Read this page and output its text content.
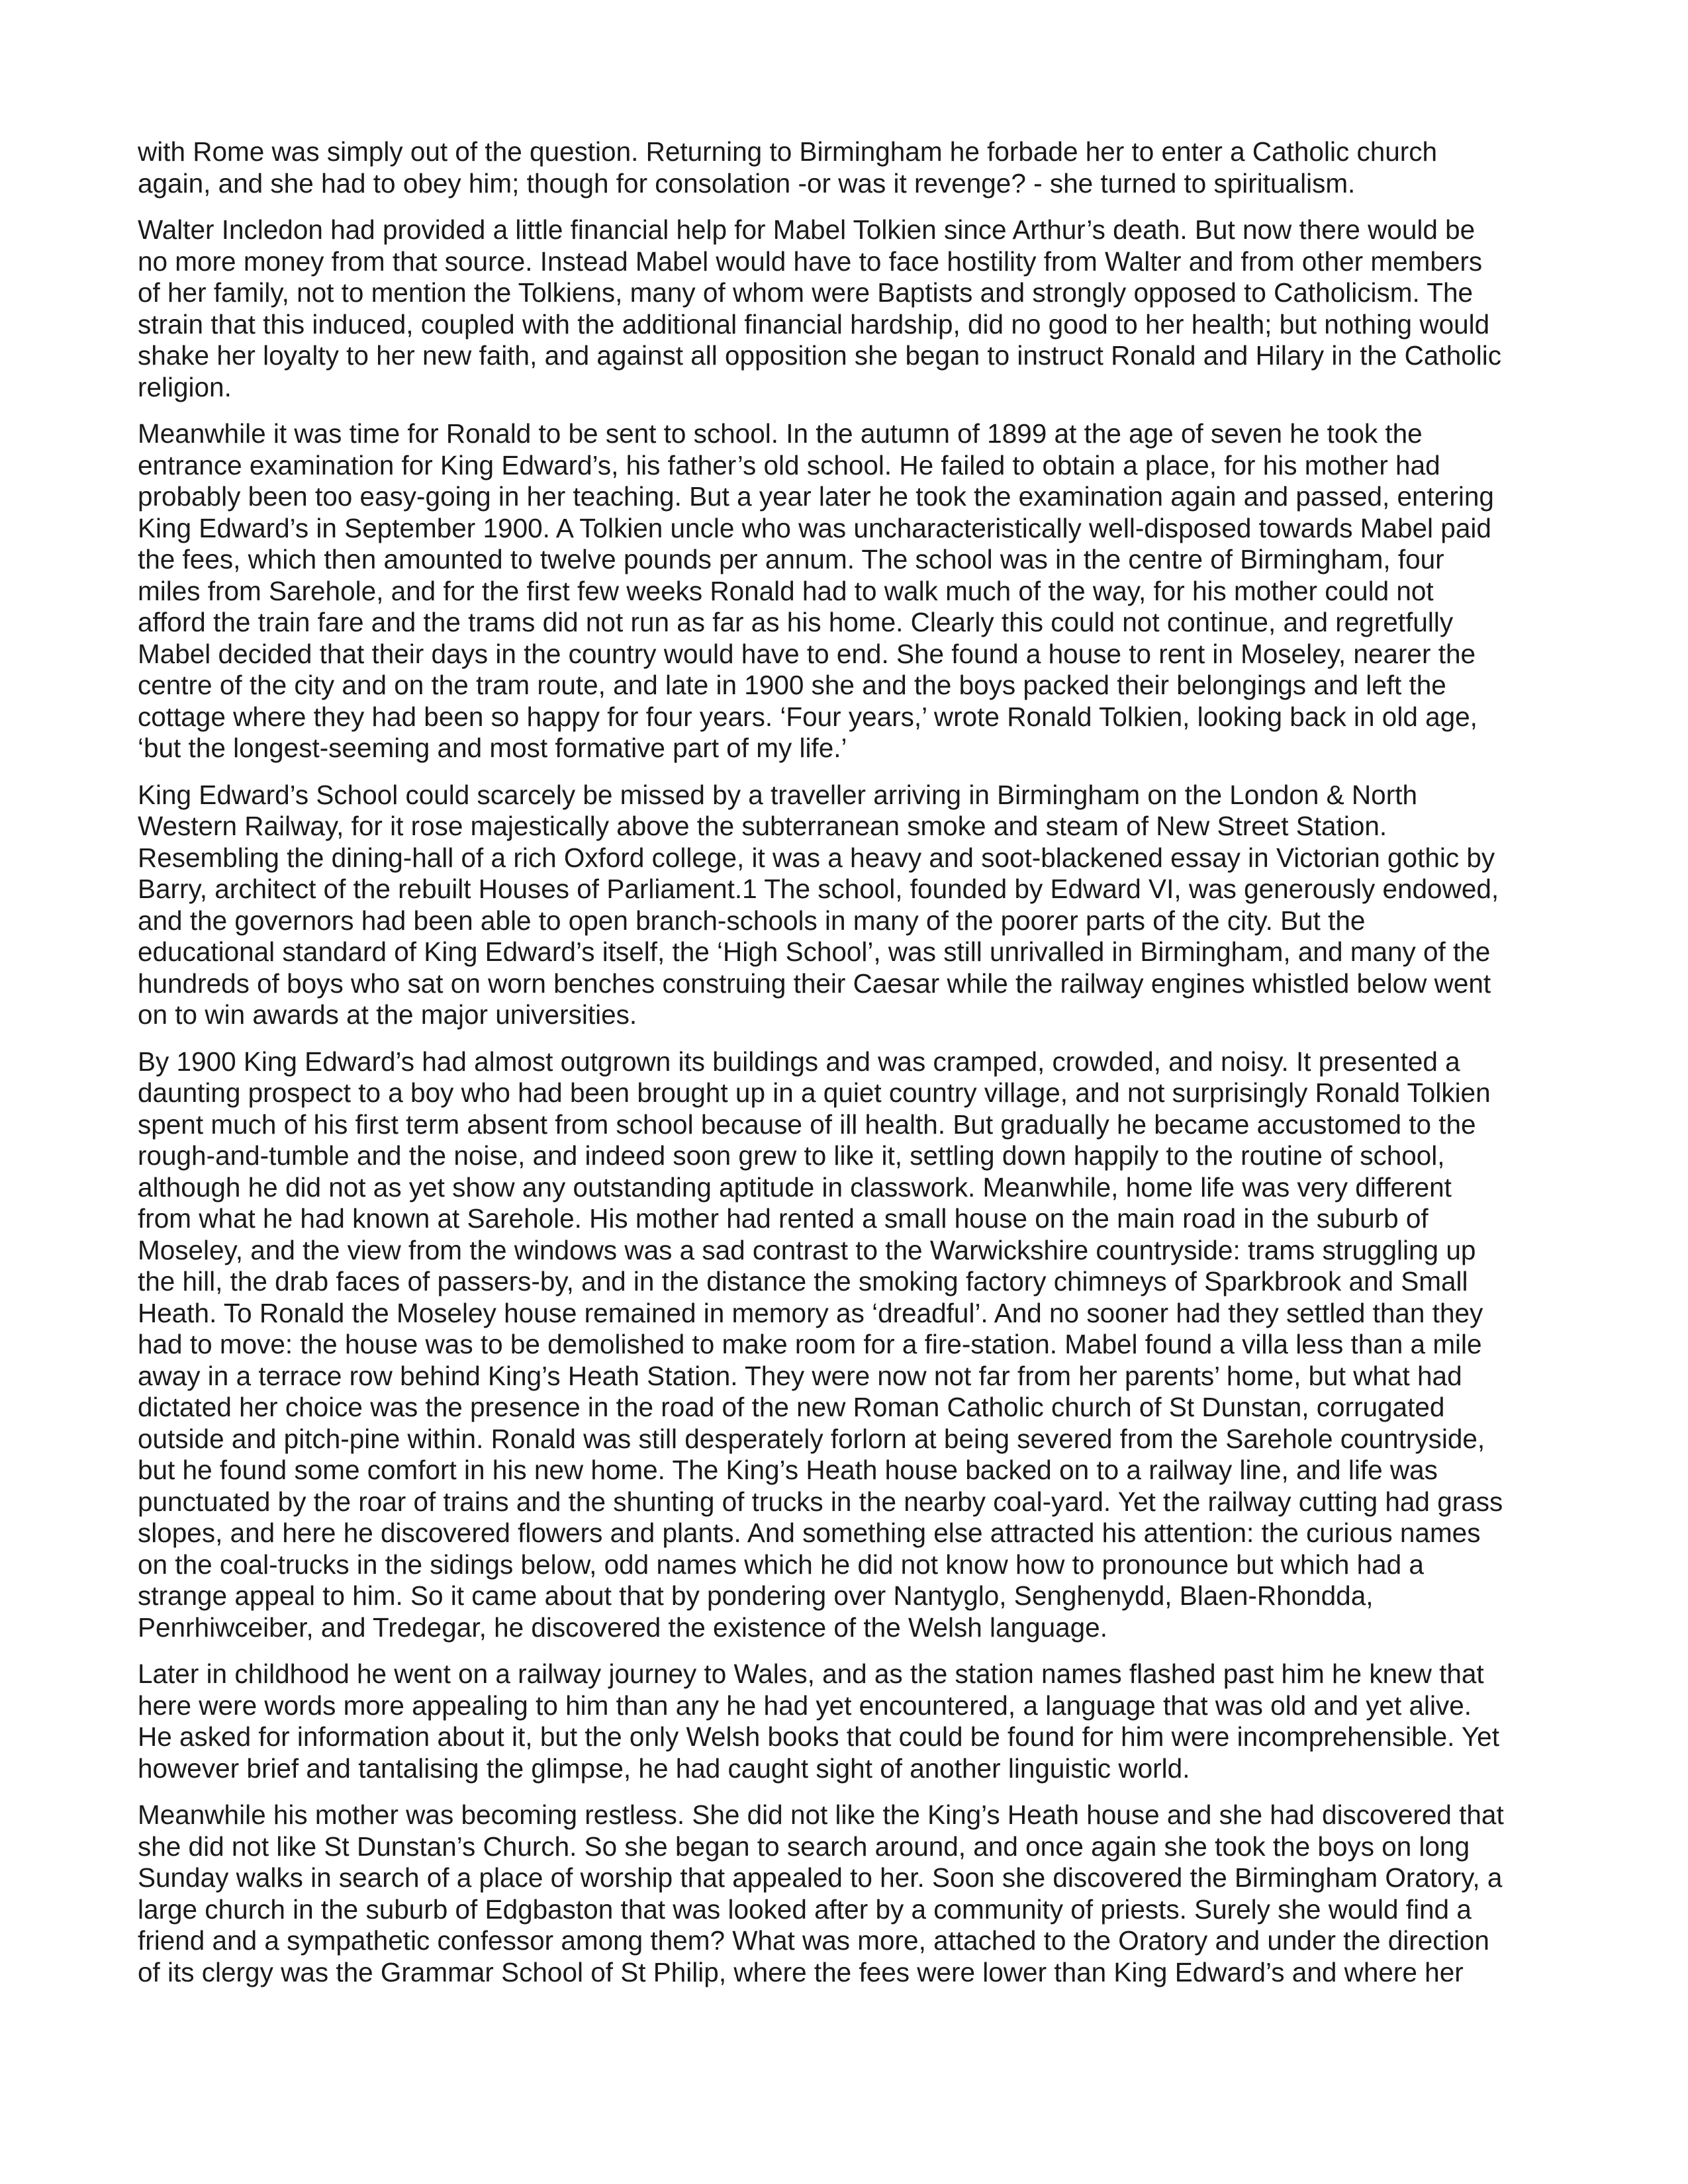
with Rome was simply out of the question. Returning to Birmingham he forbade her to enter a Catholic church
again, and she had to obey him; though for consolation -or was it revenge? - she turned to spiritualism.

Walter Incledon had provided a little financial help for Mabel Tolkien since Arthur’s death. But now there would be
no more money from that source. Instead Mabel would have to face hostility from Walter and from other members
of her family, not to mention the Tolkiens, many of whom were Baptists and strongly opposed to Catholicism. The
strain that this induced, coupled with the additional financial hardship, did no good to her health; but nothing would
shake her loyalty to her new faith, and against all opposition she began to instruct Ronald and Hilary in the Catholic
religion.

Meanwhile it was time for Ronald to be sent to school. In the autumn of 1899 at the age of seven he took the
entrance examination for King Edward’s, his father’s old school. He failed to obtain a place, for his mother had
probably been too easy-going in her teaching. But a year later he took the examination again and passed, entering
King Edward’s in September 1900. A Tolkien uncle who was uncharacteristically well-disposed towards Mabel paid
the fees, which then amounted to twelve pounds per annum. The school was in the centre of Birmingham, four
miles from Sarehole, and for the first few weeks Ronald had to walk much of the way, for his mother could not
afford the train fare and the trams did not run as far as his home. Clearly this could not continue, and regretfully
Mabel decided that their days in the country would have to end. She found a house to rent in Moseley, nearer the
centre of the city and on the tram route, and late in 1900 she and the boys packed their belongings and left the
cottage where they had been so happy for four years. ‘Four years,’ wrote Ronald Tolkien, looking back in old age,
‘but the longest-seeming and most formative part of my life.’

King Edward’s School could scarcely be missed by a traveller arriving in Birmingham on the London & North
Western Railway, for it rose majestically above the subterranean smoke and steam of New Street Station.
Resembling the dining-hall of a rich Oxford college, it was a heavy and soot-blackened essay in Victorian gothic by
Barry, architect of the rebuilt Houses of Parliament.1 The school, founded by Edward VI, was generously endowed,
and the governors had been able to open branch-schools in many of the poorer parts of the city. But the
educational standard of King Edward’s itself, the ‘High School’, was still unrivalled in Birmingham, and many of the
hundreds of boys who sat on worn benches construing their Caesar while the railway engines whistled below went
on to win awards at the major universities.

By 1900 King Edward’s had almost outgrown its buildings and was cramped, crowded, and noisy. It presented a
daunting prospect to a boy who had been brought up in a quiet country village, and not surprisingly Ronald Tolkien
spent much of his first term absent from school because of ill health. But gradually he became accustomed to the
rough-and-tumble and the noise, and indeed soon grew to like it, settling down happily to the routine of school,
although he did not as yet show any outstanding aptitude in classwork. Meanwhile, home life was very different
from what he had known at Sarehole. His mother had rented a small house on the main road in the suburb of
Moseley, and the view from the windows was a sad contrast to the Warwickshire countryside: trams struggling up
the hill, the drab faces of passers-by, and in the distance the smoking factory chimneys of Sparkbrook and Small
Heath. To Ronald the Moseley house remained in memory as ‘dreadful’. And no sooner had they settled than they
had to move: the house was to be demolished to make room for a fire-station. Mabel found a villa less than a mile
away in a terrace row behind King’s Heath Station. They were now not far from her parents’ home, but what had
dictated her choice was the presence in the road of the new Roman Catholic church of St Dunstan, corrugated
outside and pitch-pine within. Ronald was still desperately forlorn at being severed from the Sarehole countryside,
but he found some comfort in his new home. The King’s Heath house backed on to a railway line, and life was
punctuated by the roar of trains and the shunting of trucks in the nearby coal-yard. Yet the railway cutting had grass
slopes, and here he discovered flowers and plants. And something else attracted his attention: the curious names
on the coal-trucks in the sidings below, odd names which he did not know how to pronounce but which had a
strange appeal to him. So it came about that by pondering over Nantyglo, Senghenydd, Blaen-Rhondda,
Penrhiwceiber, and Tredegar, he discovered the existence of the Welsh language.

Later in childhood he went on a railway journey to Wales, and as the station names flashed past him he knew that
here were words more appealing to him than any he had yet encountered, a language that was old and yet alive.
He asked for information about it, but the only Welsh books that could be found for him were incomprehensible. Yet
however brief and tantalising the glimpse, he had caught sight of another linguistic world.

Meanwhile his mother was becoming restless. She did not like the King’s Heath house and she had discovered that
she did not like St Dunstan’s Church. So she began to search around, and once again she took the boys on long
Sunday walks in search of a place of worship that appealed to her. Soon she discovered the Birmingham Oratory, a
large church in the suburb of Edgbaston that was looked after by a community of priests. Surely she would find a
friend and a sympathetic confessor among them? What was more, attached to the Oratory and under the direction
of its clergy was the Grammar School of St Philip, where the fees were lower than King Edward’s and where her
